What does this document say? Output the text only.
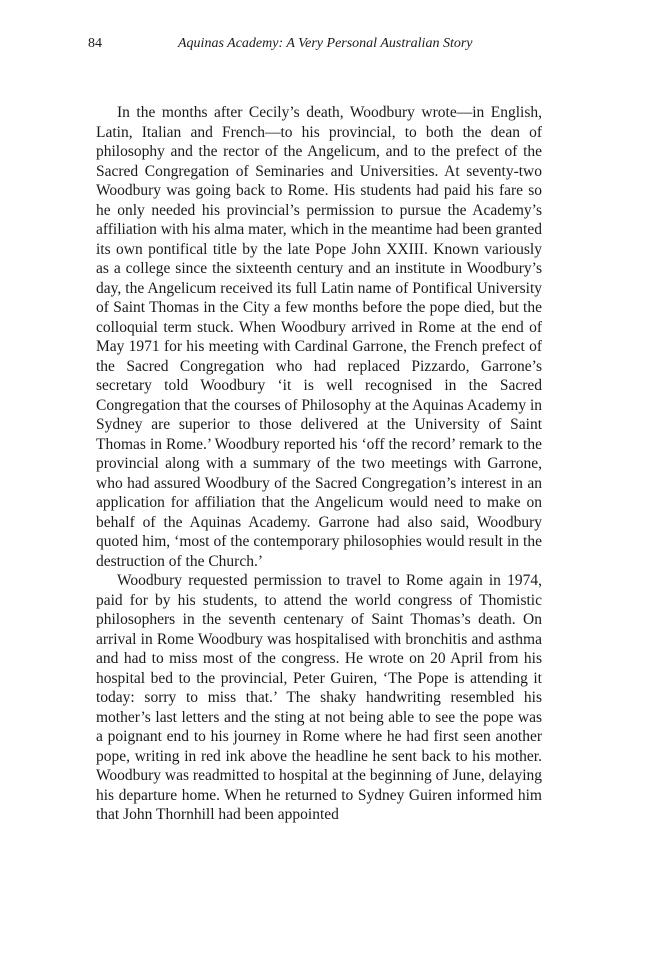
84	Aquinas Academy: A Very Personal Australian Story

In the months after Cecily’s death, Woodbury wrote—in English, Latin, Italian and French—to his provincial, to both the dean of philosophy and the rector of the Angelicum, and to the prefect of the Sacred Congregation of Seminaries and Universities. At seventy-two Woodbury was going back to Rome. His students had paid his fare so he only needed his provincial’s permission to pursue the Academy’s affiliation with his alma mater, which in the meantime had been granted its own pontifical title by the late Pope John XXIII. Known variously as a college since the sixteenth century and an institute in Woodbury’s day, the Angelicum received its full Latin name of Pontifical University of Saint Thomas in the City a few months before the pope died, but the colloquial term stuck. When Woodbury arrived in Rome at the end of May 1971 for his meeting with Cardinal Garrone, the French prefect of the Sacred Congregation who had replaced Pizzardo, Garrone’s secretary told Woodbury ‘it is well recognised in the Sacred Congregation that the courses of Philosophy at the Aquinas Academy in Sydney are superior to those delivered at the University of Saint Thomas in Rome.’ Woodbury reported his ‘off the record’ remark to the provincial along with a summary of the two meetings with Garrone, who had assured Woodbury of the Sacred Congregation’s interest in an application for affiliation that the Angelicum would need to make on behalf of the Aquinas Academy. Garrone had also said, Woodbury quoted him, ‘most of the contemporary philosophies would result in the destruction of the Church.’

Woodbury requested permission to travel to Rome again in 1974, paid for by his students, to attend the world congress of Thomistic philosophers in the seventh centenary of Saint Thomas’s death. On arrival in Rome Woodbury was hospitalised with bronchitis and asthma and had to miss most of the congress. He wrote on 20 April from his hospital bed to the provincial, Peter Guiren, ‘The Pope is attending it today: sorry to miss that.’ The shaky handwriting resembled his mother’s last letters and the sting at not being able to see the pope was a poignant end to his journey in Rome where he had first seen another pope, writing in red ink above the headline he sent back to his mother. Woodbury was readmitted to hospital at the beginning of June, delaying his departure home. When he returned to Sydney Guiren informed him that John Thornhill had been appointed
